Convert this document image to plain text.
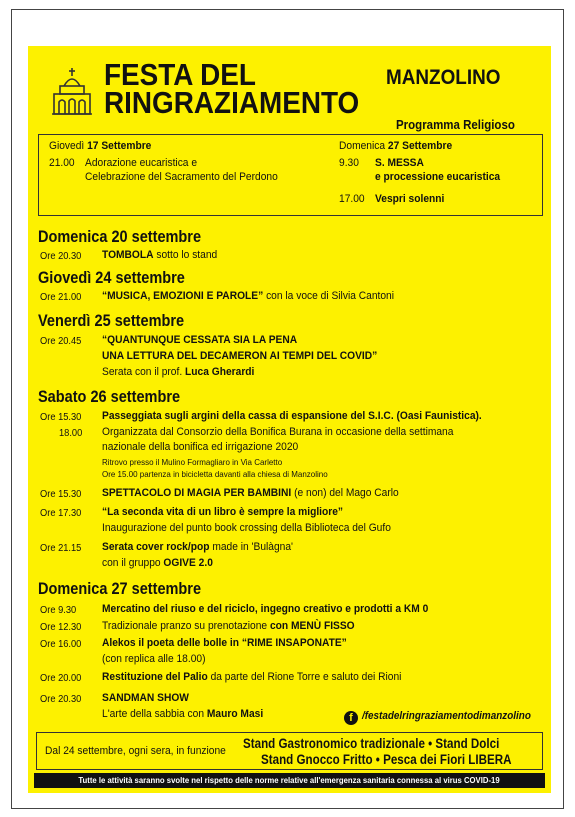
FESTA DEL
RINGRAZIAMENTO
MANZOLINO
Programma Religioso
Giovedì 17 Settembre
21.00 Adorazione eucaristica e
Celebrazione del Sacramento del Perdono
Domenica 27 Settembre
9.30 S. MESSA
e processione eucaristica
17.00 Vespri solenni
Domenica 20 settembre
Ore 20.30 TOMBOLA sotto lo stand
Giovedì 24 settembre
Ore 21.00 “MUSICA, EMOZIONI E PAROLE” con la voce di Silvia Cantoni
Venerdì 25 settembre
Ore 20.45 “QUANTUNQUE CESSATA SIA LA PENA
UNA LETTURA DEL DECAMERON AI TEMPI DEL COVID”
Serata con il prof. Luca Gherardi
Sabato 26 settembre
Ore 15.30
18.00
Passeggiata sugli argini della cassa di espansione del S.I.C. (Oasi Faunistica).
Organizzata dal Consorzio della Bonifica Burana in occasione della settimana
nazionale della bonifica ed irrigazione 2020
Ritrovo presso il Mulino Formagliaro in Via Carletto
Ore 15.00 partenza in bicicletta davanti alla chiesa di Manzolino
Ore 15.30 SPETTACOLO DI MAGIA PER BAMBINI (e non) del Mago Carlo
Ore 17.30 “La seconda vita di un libro è sempre la migliore”
Inaugurazione del punto book crossing della Biblioteca del Gufo
Ore 21.15 Serata cover rock/pop made in 'Bulàgna'
con il gruppo OGIVE 2.0
Domenica 27 settembre
Ore 9.30 Mercatino del riuso e del riciclo, ingegno creativo e prodotti a KM 0
Ore 12.30 Tradizionale pranzo su prenotazione con MENÙ FISSO
Ore 16.00 Alekos il poeta delle bolle in “RIME INSAPONATE”
(con replica alle 18.00)
Ore 20.00 Restituzione del Palio da parte del Rione Torre e saluto dei Rioni
Ore 20.30 SANDMAN SHOW
L'arte della sabbia con Mauro Masi	f /festadelringraziamentodimanzolino
Dal 24 settembre, ogni sera, in funzione Stand Gastronomico tradizionale • Stand Dolci
Stand Gnocco Fritto • Pesca dei Fiori LIBERA
Tutte le attività saranno svolte nel rispetto delle norme relative all'emergenza sanitaria connessa al virus COVID-19
